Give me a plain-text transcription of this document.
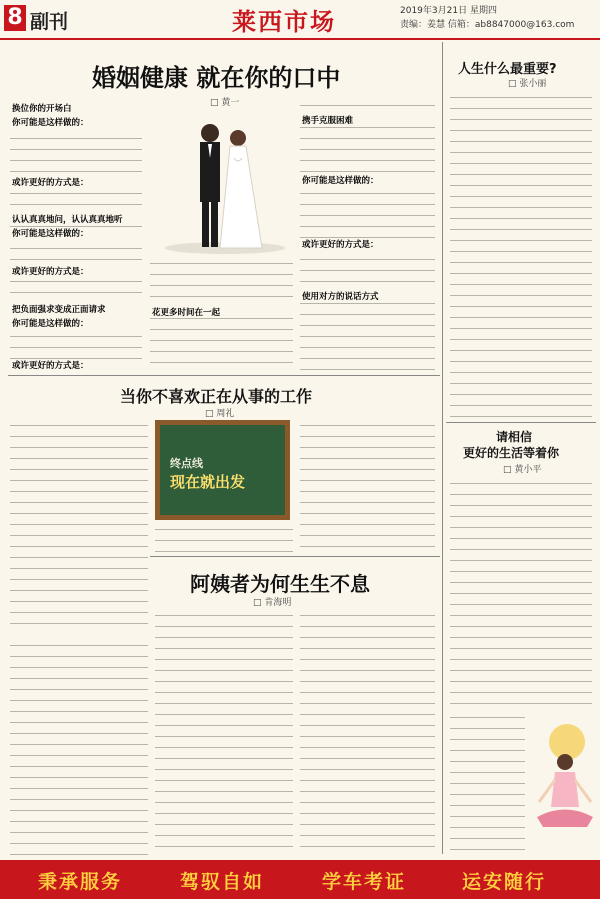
8 副刊	莱西市场	2019年3月21日 星期四
责编：姜慧 信箱：ab8847000@163.com
婚姻健康 就在你的口中
□ 黄一
换位你的开场白
你可能是这样做的：
或许更好的方式是：
认认真真地问，认认真真地听
你可能是这样做的：
或许更好的方式是：
把负面强求变成正面请求
你可能是这样做的：
或许更好的方式是：
花更多时间在一起
携手克服困难
你可能是这样做的：
或许更好的方式是：
使用对方的说话方式
当你不喜欢正在从事的工作
□ 周礼
终点线
现在就出发
阿姨者为何生生不息
□ 肯海明
人生什么最重要?
□ 张小丽
请相信
更好的生活等着你
□ 黄小平
秉承服务	驾驭自如	学车考证	运安随行
